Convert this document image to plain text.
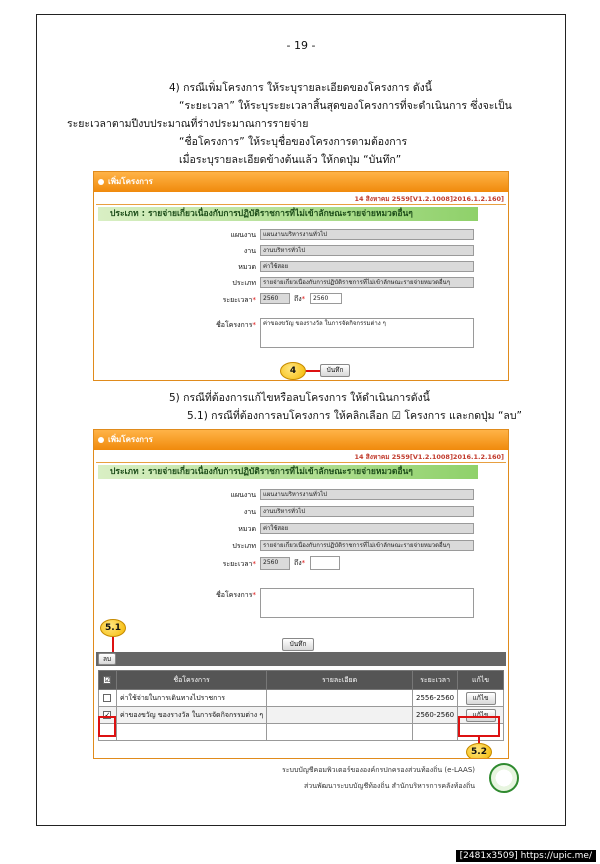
- 19 -
4) กรณีเพิ่มโครงการ ให้ระบุรายละเอียดของโครงการ ดังนี้
“ระยะเวลา” ให้ระบุระยะเวลาสิ้นสุดของโครงการที่จะดำเนินการ ซึ่งจะเป็น
ระยะเวลาตามปีงบประมาณที่ร่างประมาณการรายจ่าย
“ชื่อโครงการ” ให้ระบุชื่อของโครงการตามต้องการ
เมื่อระบุรายละเอียดข้างต้นแล้ว ให้กดปุ่ม “บันทึก”
เพิ่มโครงการ
14 สิงหาคม 2559[V1.2.1008]2016.1.2.160]
ประเภท : รายจ่ายเกี่ยวเนื่องกับการปฏิบัติราชการที่ไม่เข้าลักษณะรายจ่ายหมวดอื่นๆ
แผนงาน	แผนงานบริหารงานทั่วไป
งาน	งานบริหารทั่วไป
หมวด	ค่าใช้สอย
ประเภท	รายจ่ายเกี่ยวเนื่องกับการปฏิบัติราชการที่ไม่เข้าลักษณะรายจ่ายหมวดอื่นๆ
ระยะเวลา*	2560	ถึง*	2560
ชื่อโครงการ*	ค่าของขวัญ ของรางวัล ในการจัดกิจกรรมต่าง ๆ
4	บันทึก
5) กรณีที่ต้องการแก้ไขหรือลบโครงการ ให้ดำเนินการดังนี้
5.1) กรณีที่ต้องการลบโครงการ ให้คลิกเลือก ☑ โครงการ และกดปุ่ม “ลบ”
เพิ่มโครงการ
14 สิงหาคม 2559[V1.2.1008]2016.1.2.160]
ประเภท : รายจ่ายเกี่ยวเนื่องกับการปฏิบัติราชการที่ไม่เข้าลักษณะรายจ่ายหมวดอื่นๆ
แผนงาน	แผนงานบริหารงานทั่วไป
งาน	งานบริหารทั่วไป
หมวด	ค่าใช้สอย
ประเภท	รายจ่ายเกี่ยวเนื่องกับการปฏิบัติราชการที่ไม่เข้าลักษณะรายจ่ายหมวดอื่นๆ
ระยะเวลา*	2560	ถึง*
ชื่อโครงการ*
บันทึก
5.1
ลบ
☑	ชื่อโครงการ	รายละเอียด	ระยะเวลา	แก้ไข
	ค่าใช้จ่ายในการเดินทางไปราชการ		2556-2560	แก้ไข
✓	ค่าของขวัญ ของรางวัล ในการจัดกิจกรรมต่าง ๆ		2560-2560	แก้ไข

5.2
ระบบบัญชีคอมพิวเตอร์ขององค์กรปกครองส่วนท้องถิ่น (e-LAAS)
ส่วนพัฒนาระบบบัญชีท้องถิ่น สำนักบริหารการคลังท้องถิ่น
[2481x3509] https://upic.me/
